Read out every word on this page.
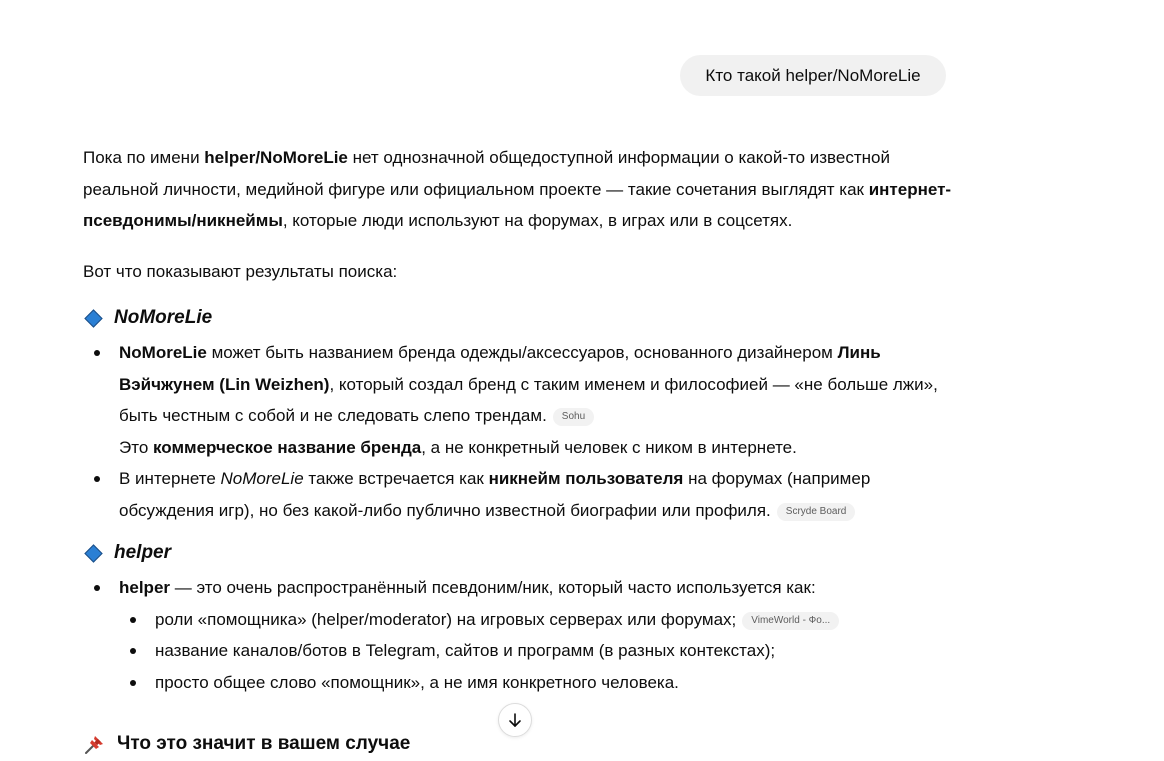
Кто такой helper/NoMoreLie

Пока по имени helper/NoMoreLie нет однозначной общедоступной информации о какой-то известной реальной личности, медийной фигуре или официальном проекте — такие сочетания выглядят как интернет-псевдонимы/никнеймы, которые люди используют на форумах, в играх или в соцсетях.

Вот что показывают результаты поиска:

NoMoreLie
NoMoreLie может быть названием бренда одежды/аксессуаров, основанного дизайнером Линь Вэйчжунем (Lin Weizhen), который создал бренд с таким именем и философией — «не больше лжи», быть честным с собой и не следовать слепо трендам. Sohu
Это коммерческое название бренда, а не конкретный человек с ником в интернете.
В интернете NoMoreLie также встречается как никнейм пользователя на форумах (например обсуждения игр), но без какой-либо публично известной биографии или профиля. Scryde Board
helper
helper — это очень распространённый псевдоним/ник, который часто используется как:
роли «помощника» (helper/moderator) на игровых серверах или форумах; VimeWorld - Фо...
название каналов/ботов в Telegram, сайтов и программ (в разных контекстах);
просто общее слово «помощник», а не имя конкретного человека.
Что это значит в вашем случае
